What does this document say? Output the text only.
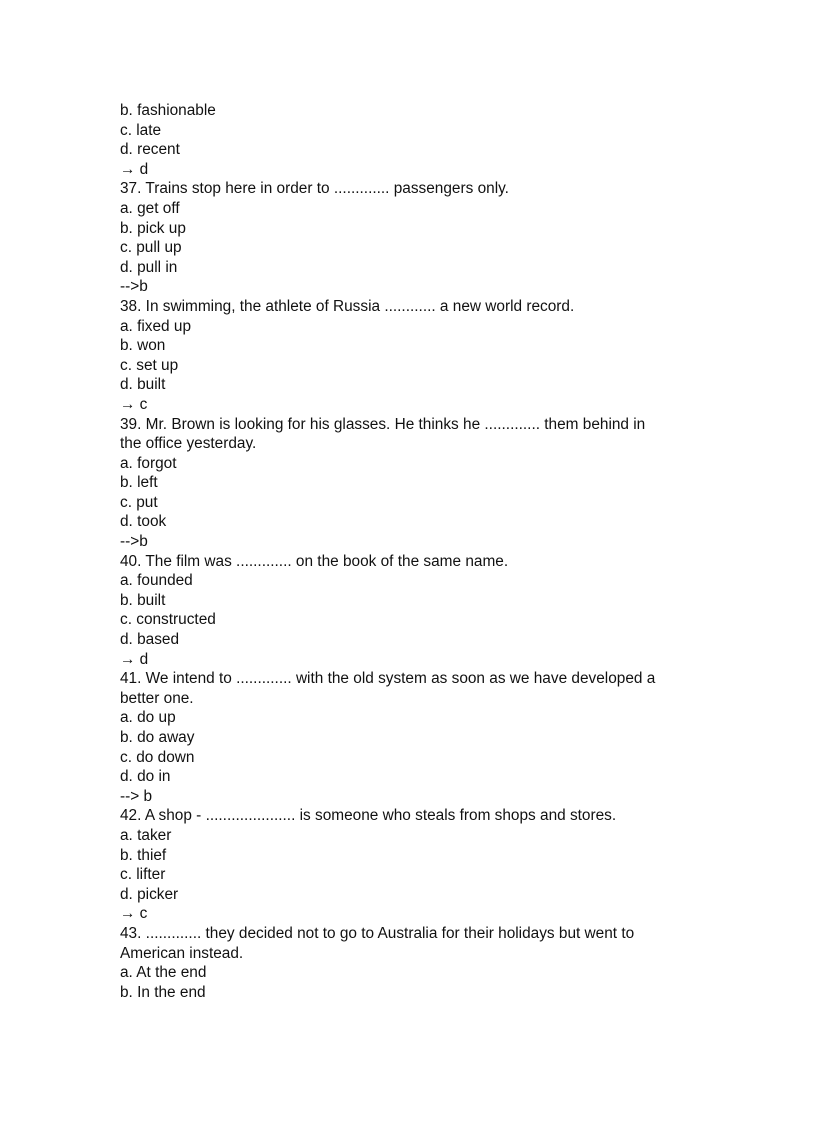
b. fashionable
c. late
d. recent
→ d
37. Trains stop here in order to ............. passengers only.
a. get off
b. pick up
c. pull up
d. pull in
-->b
38. In swimming, the athlete of Russia ............ a new world record.
a. fixed up
b. won
c. set up
d. built
→ c
39. Mr. Brown is looking for his glasses. He thinks he ............. them behind in
the office yesterday.
a. forgot
b. left
c. put
d. took
-->b
40. The film was ............. on the book of the same name.
a. founded
b. built
c. constructed
d. based
→ d
41. We intend to ............. with the old system as soon as we have developed a
better one.
a. do up
b. do away
c. do down
d. do in
--> b
42. A shop - ..................... is someone who steals from shops and stores.
a. taker
b. thief
c. lifter
d. picker
→ c
43. ............. they decided not to go to Australia for their holidays but went to
American instead.
a. At the end
b. In the end
